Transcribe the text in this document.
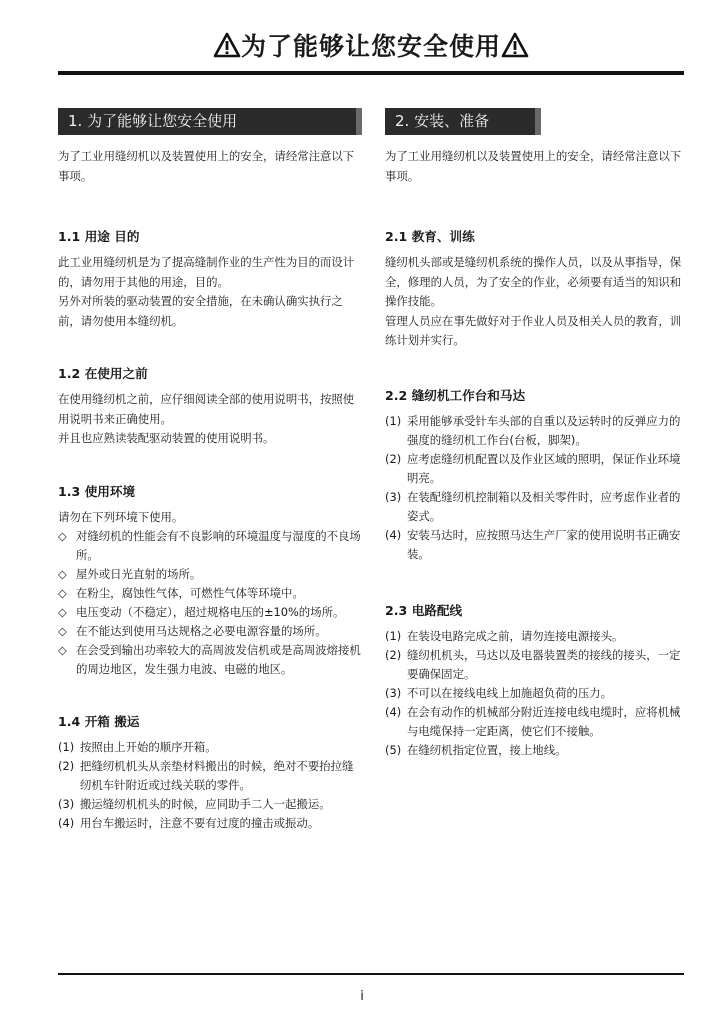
为了能够让您安全使用
1. 为了能够让您安全使用

为了工业用缝纫机以及装置使用上的安全，请经常注意以下事项。

1.1 用途 目的

此工业用缝纫机是为了提高缝制作业的生产性为目的而设计的，请勿用于其他的用途，目的。

另外对所装的驱动装置的安全措施，在未确认确实执行之前，请勿使用本缝纫机。

1.2 在使用之前

在使用缝纫机之前，应仔细阅读全部的使用说明书，按照使用说明书来正确使用。

并且也应熟读装配驱动装置的使用说明书。

1.3 使用环境

请勿在下列环境下使用。

◇ 对缝纫机的性能会有不良影响的环境温度与湿度的不良场所。
◇ 屋外或日光直射的场所。
◇ 在粉尘，腐蚀性气体，可燃性气体等环境中。
◇ 电压变动（不稳定），超过规格电压的±10%的场所。
◇ 在不能达到使用马达规格之必要电源容量的场所。
◇ 在会受到输出功率较大的高周波发信机或是高周波熔接机的周边地区，发生强力电波、电磁的地区。
1.4 开箱 搬运
(1) 按照由上开始的顺序开箱。
(2) 把缝纫机机头从亲垫材料搬出的时候，绝对不要抬拉缝纫机车针附近或过线关联的零件。
(3) 搬运缝纫机机头的时候，应同助手二人一起搬运。
(4) 用台车搬运时，注意不要有过度的撞击或振动。
2. 安装、准备

为了工业用缝纫机以及装置使用上的安全，请经常注意以下事项。

2.1 教育、训练

缝纫机头部或是缝纫机系统的操作人员，以及从事指导，保全，修理的人员，为了安全的作业，必须要有适当的知识和操作技能。

管理人员应在事先做好对于作业人员及相关人员的教育，训练计划并实行。

2.2 缝纫机工作台和马达
(1) 采用能够承受针车头部的自重以及运转时的反弹应力的强度的缝纫机工作台(台板，脚架)。
(2) 应考虑缝纫机配置以及作业区域的照明，保证作业环境明亮。
(3) 在装配缝纫机控制箱以及相关零件时，应考虑作业者的姿式。
(4) 安装马达时，应按照马达生产厂家的使用说明书正确安装。
2.3 电路配线
(1) 在装设电路完成之前，请勿连接电源接头。
(2) 缝纫机机头，马达以及电器装置类的接线的接头，一定要确保固定。
(3) 不可以在接线电线上加施超负荷的压力。
(4) 在会有动作的机械部分附近连接电线电缆时，应将机械与电缆保持一定距离，使它们不接触。
(5) 在缝纫机指定位置，接上地线。
i
